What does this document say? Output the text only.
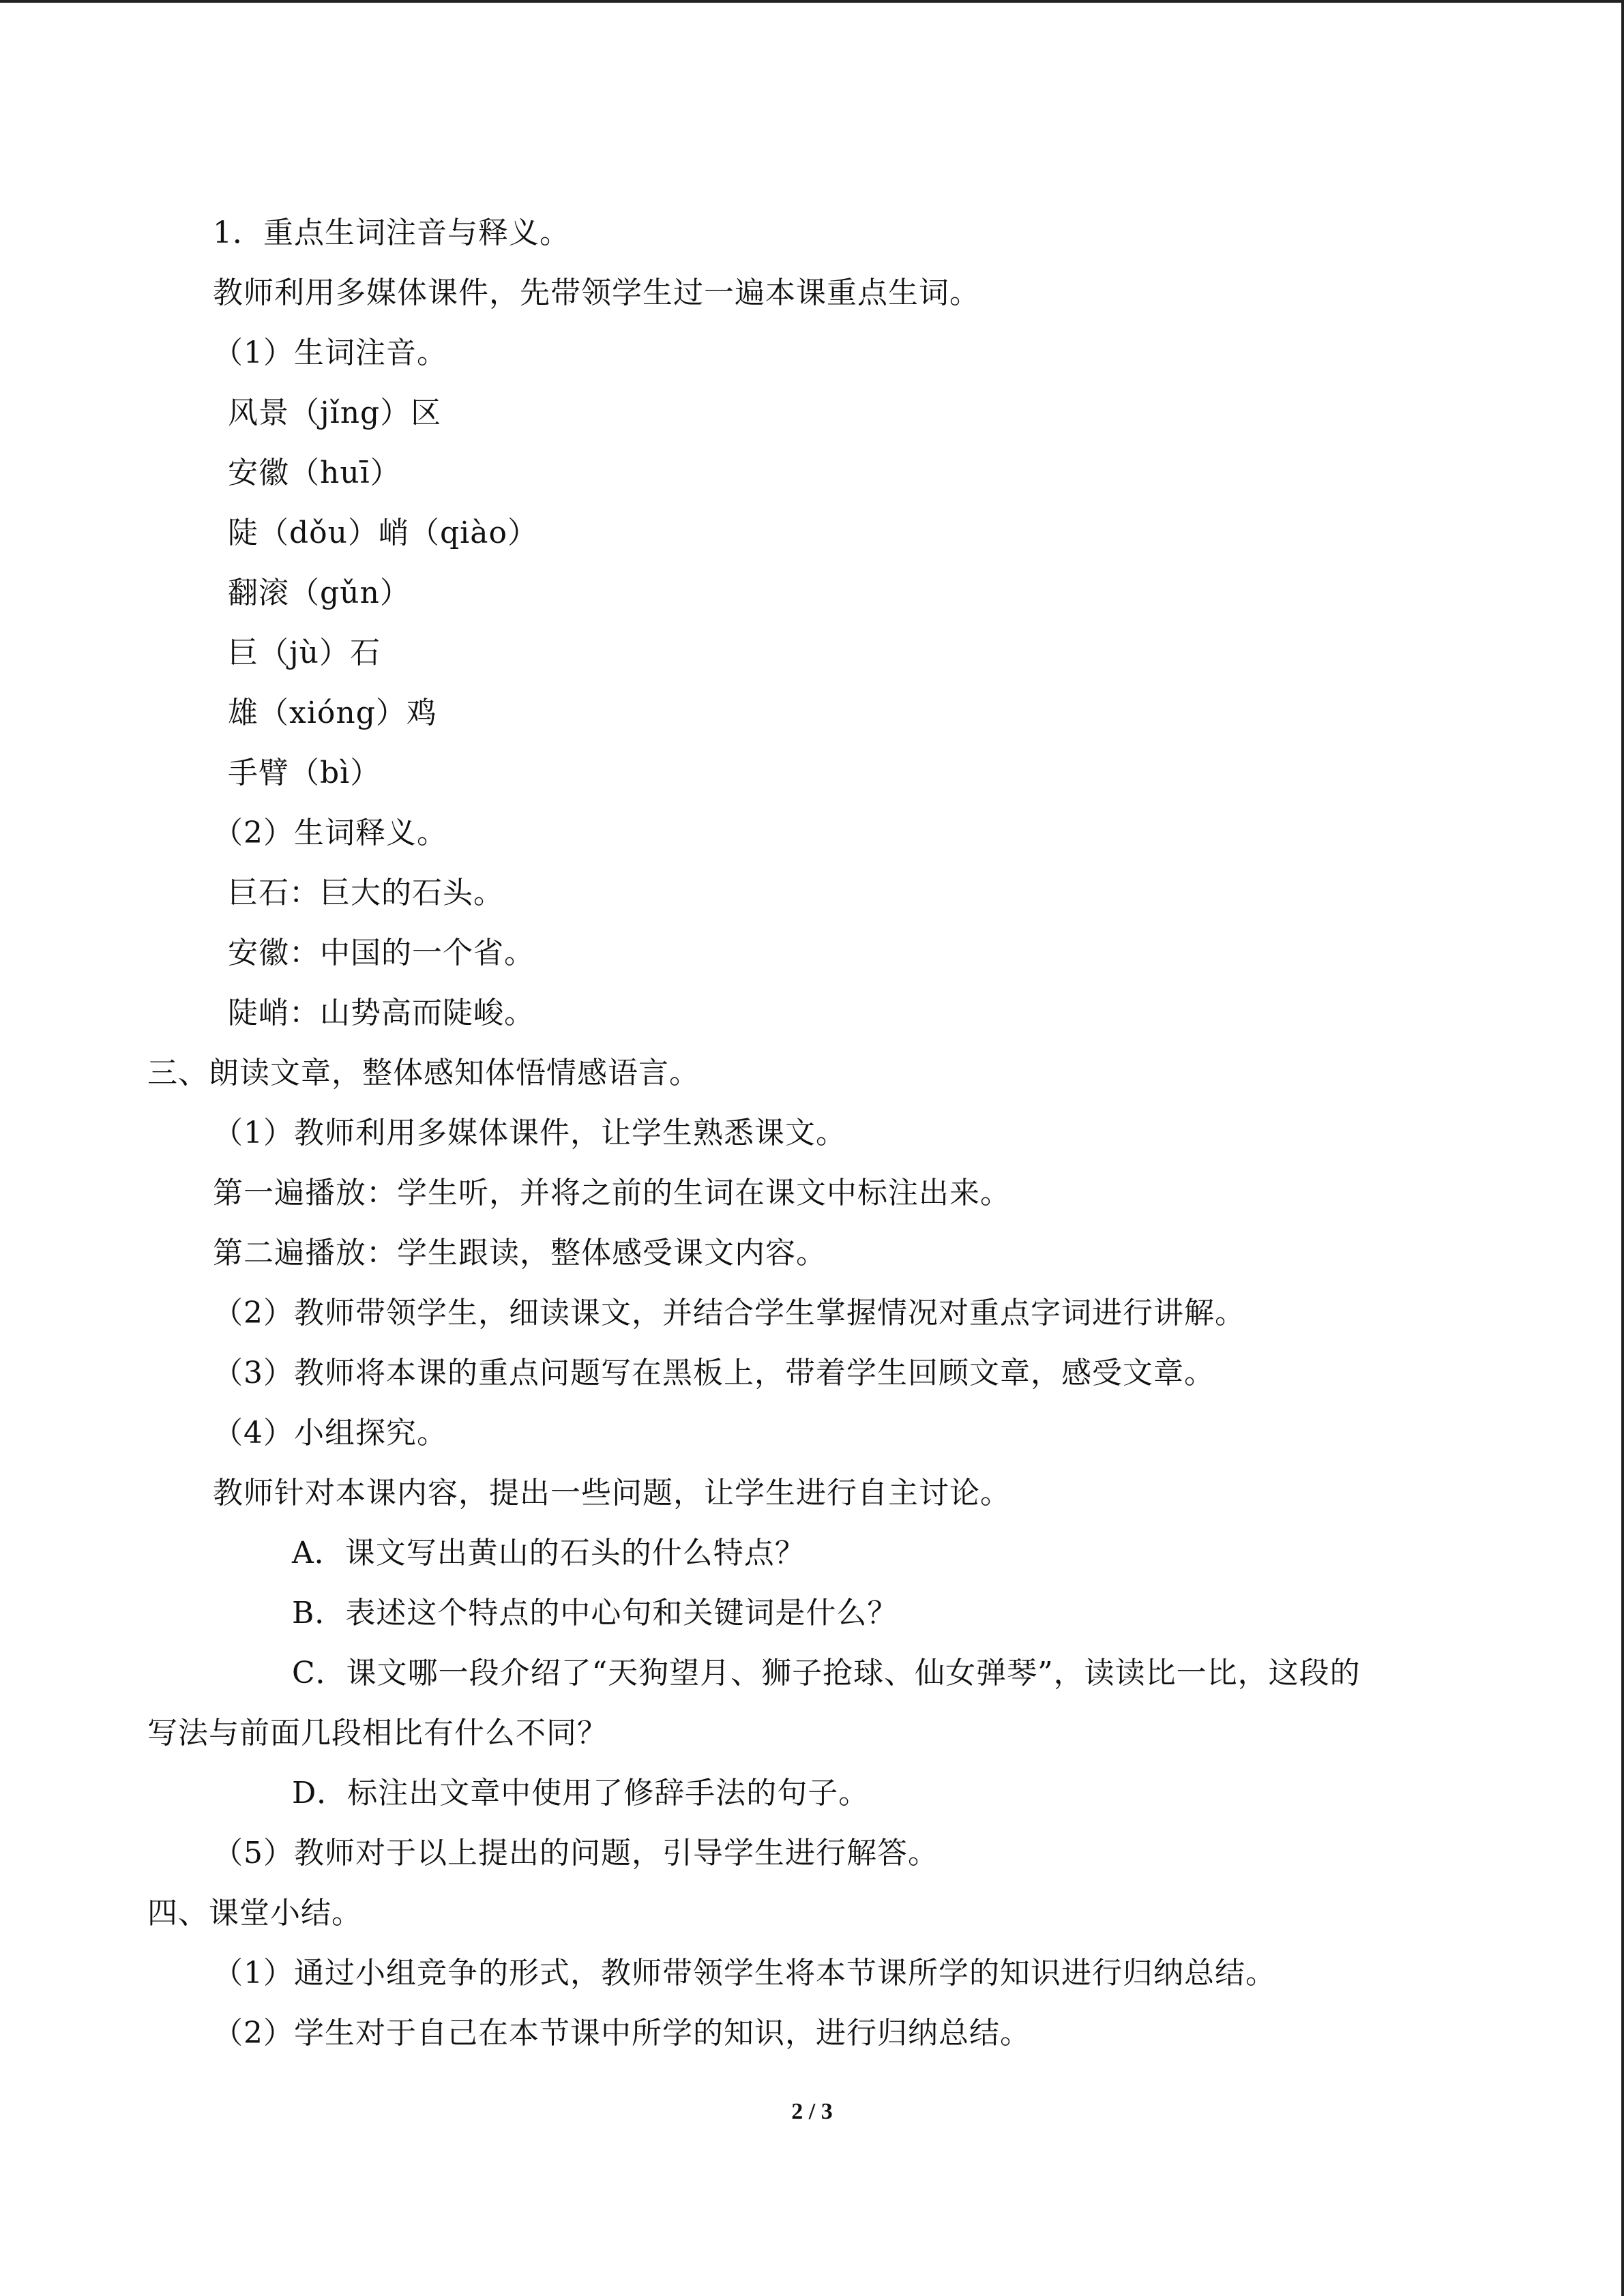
1．重点生词注音与释义。
教师利用多媒体课件，先带领学生过一遍本课重点生词。
（1）生词注音。
风景（jǐng）区
安徽（huī）
陡（dǒu）峭（qiào）
翻滚（gǔn）
巨（jù）石
雄（xióng）鸡
手臂（bì）
（2）生词释义。
巨石：巨大的石头。
安徽：中国的一个省。
陡峭：山势高而陡峻。
三、朗读文章，整体感知体悟情感语言。
（1）教师利用多媒体课件，让学生熟悉课文。
第一遍播放：学生听，并将之前的生词在课文中标注出来。
第二遍播放：学生跟读，整体感受课文内容。
（2）教师带领学生，细读课文，并结合学生掌握情况对重点字词进行讲解。
（3）教师将本课的重点问题写在黑板上，带着学生回顾文章，感受文章。
（4）小组探究。
教师针对本课内容，提出一些问题，让学生进行自主讨论。
A．课文写出黄山的石头的什么特点？
B．表述这个特点的中心句和关键词是什么？
C．课文哪一段介绍了“天狗望月、狮子抢球、仙女弹琴”，读读比一比，这段的
写法与前面几段相比有什么不同？
D．标注出文章中使用了修辞手法的句子。
（5）教师对于以上提出的问题，引导学生进行解答。
四、课堂小结。
（1）通过小组竞争的形式，教师带领学生将本节课所学的知识进行归纳总结。
（2）学生对于自己在本节课中所学的知识，进行归纳总结。
2 / 3
